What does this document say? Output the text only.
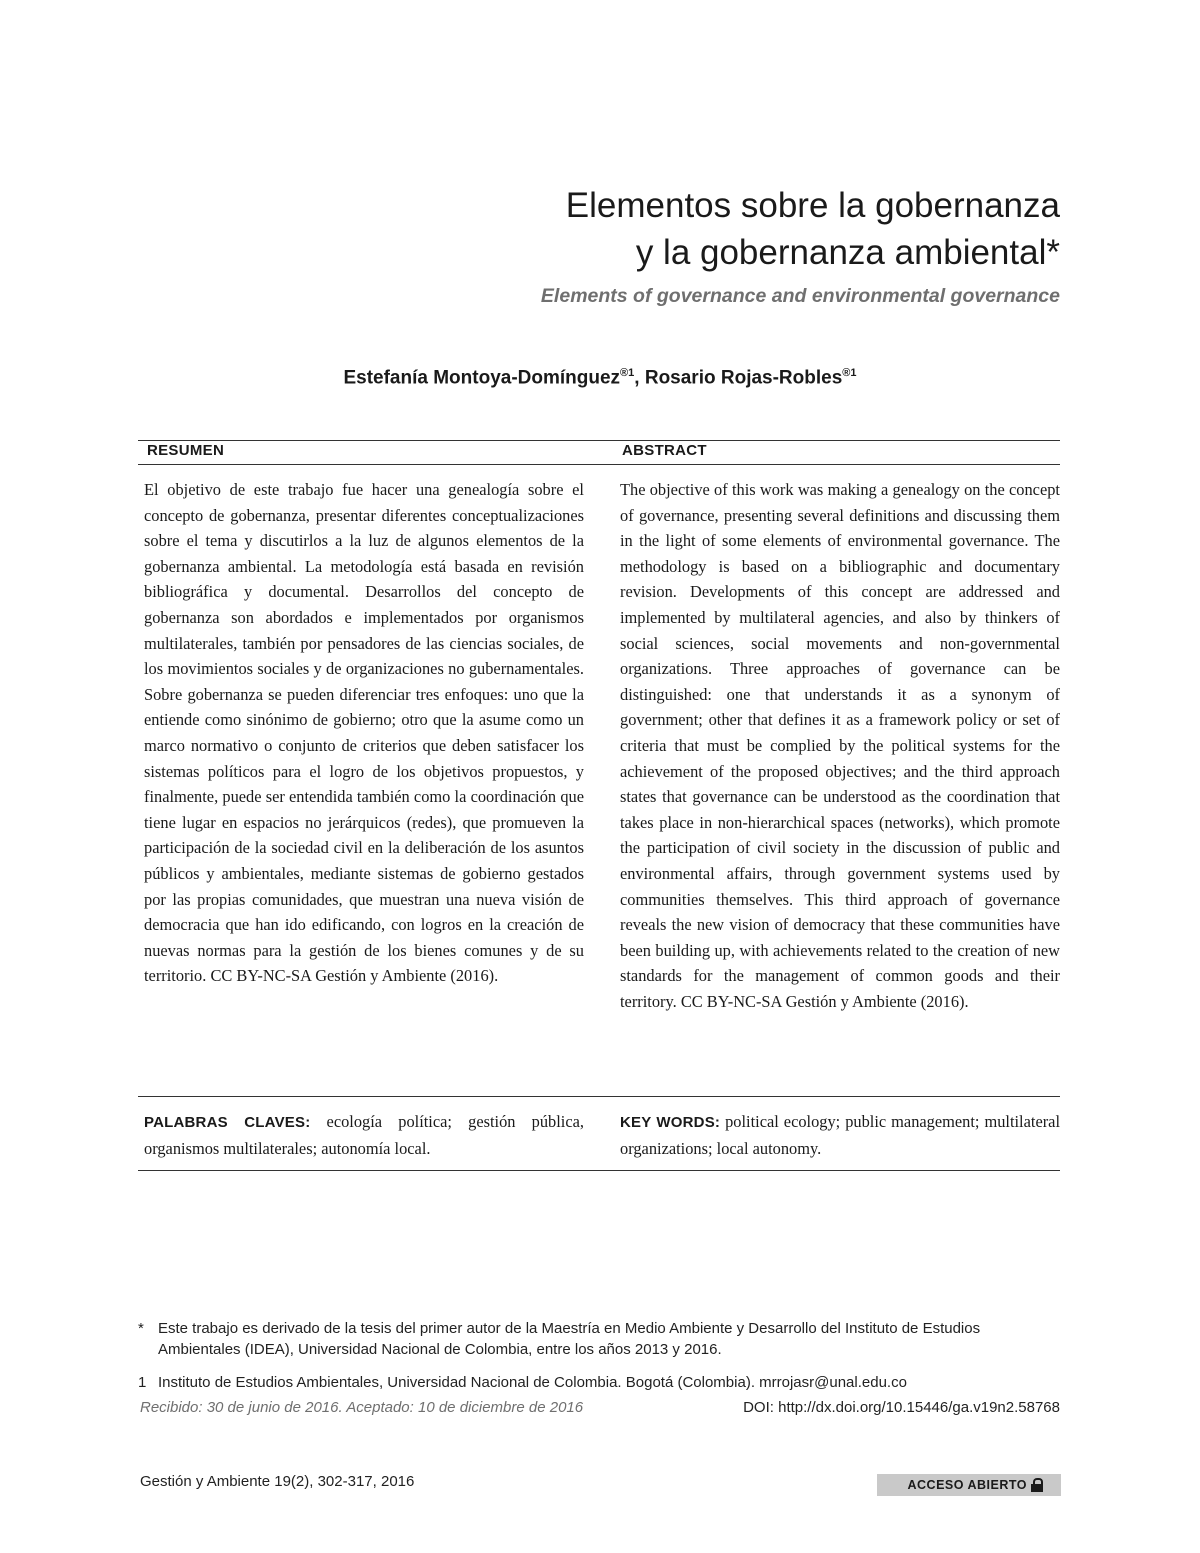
Elementos sobre la gobernanza
y la gobernanza ambiental*
Elements of governance and environmental governance
Estefanía Montoya-Domínguez$^{®1}$, Rosario Rojas-Robles$^{®1}$
RESUMEN	ABSTRACT
El objetivo de este trabajo fue hacer una genealogía sobre el concepto de gobernanza, presentar diferentes conceptualizaciones sobre el tema y discutirlos a la luz de algunos elementos de la gobernanza ambiental. La metodología está basada en revisión bibliográfica y documental. Desarrollos del concepto de gobernanza son abordados e implementados por organismos multilaterales, también por pensadores de las ciencias sociales, de los movimientos sociales y de organizaciones no gubernamentales. Sobre gobernanza se pueden diferenciar tres enfoques: uno que la entiende como sinónimo de gobierno; otro que la asume como un marco normativo o conjunto de criterios que deben satisfacer los sistemas políticos para el logro de los objetivos propuestos, y finalmente, puede ser entendida también como la coordinación que tiene lugar en espacios no jerárquicos (redes), que promueven la participación de la sociedad civil en la deliberación de los asuntos públicos y ambientales, mediante sistemas de gobierno gestados por las propias comunidades, que muestran una nueva visión de democracia que han ido edificando, con logros en la creación de nuevas normas para la gestión de los bienes comunes y de su territorio. CC BY-NC-SA Gestión y Ambiente (2016).
The objective of this work was making a genealogy on the concept of governance, presenting several definitions and discussing them in the light of some elements of environmental governance. The methodology is based on a bibliographic and documentary revision. Developments of this concept are addressed and implemented by multilateral agencies, and also by thinkers of social sciences, social movements and non-governmental organizations. Three approaches of governance can be distinguished: one that understands it as a synonym of government; other that defines it as a framework policy or set of criteria that must be complied by the political systems for the achievement of the proposed objectives; and the third approach states that governance can be understood as the coordination that takes place in non-hierarchical spaces (networks), which promote the participation of civil society in the discussion of public and environmental affairs, through government systems used by communities themselves. This third approach of governance reveals the new vision of democracy that these communities have been building up, with achievements related to the creation of new standards for the management of common goods and their territory. CC BY-NC-SA Gestión y Ambiente (2016).
PALABRAS CLAVES: ecología política; gestión pública, organismos multilaterales; autonomía local.
KEY WORDS: political ecology; public management; multilateral organizations; local autonomy.
* Este trabajo es derivado de la tesis del primer autor de la Maestría en Medio Ambiente y Desarrollo del Instituto de Estudios Ambientales (IDEA), Universidad Nacional de Colombia, entre los años 2013 y 2016.
1 Instituto de Estudios Ambientales, Universidad Nacional de Colombia. Bogotá (Colombia). mrrojasr@unal.edu.co
Recibido: 30 de junio de 2016. Aceptado: 10 de diciembre de 2016	DOI: http://dx.doi.org/10.15446/ga.v19n2.58768
Gestión y Ambiente 19(2), 302-317, 2016	ACCESO ABIERTO
